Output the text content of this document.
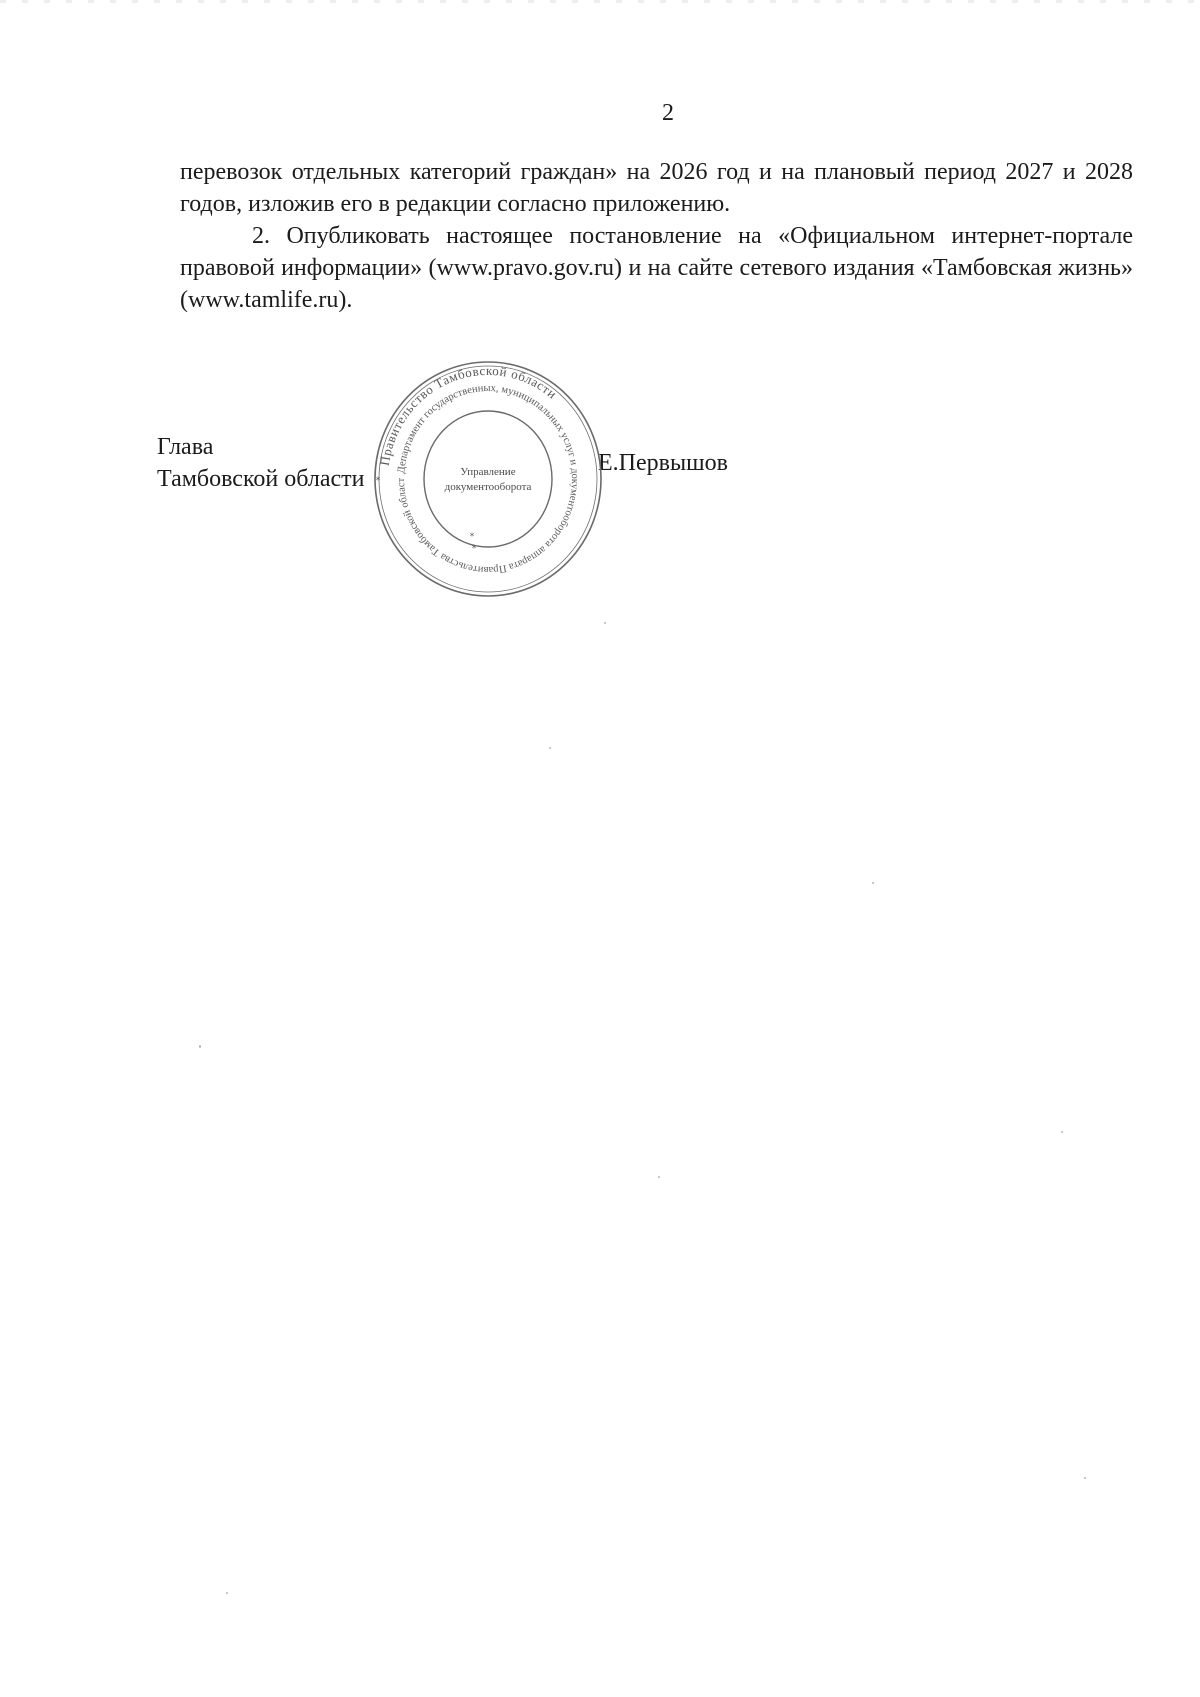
2

перевозок отдельных категорий граждан» на 2026 год и на плановый период 2027 и 2028 годов, изложив его в редакции согласно приложению.

2. Опубликовать настоящее постановление на «Официальном интернет-портале правовой информации» (www.pravo.gov.ru) и на сайте сетевого издания «Тамбовская жизнь» (www.tamlife.ru).

Глава
Тамбовской области
Е.Первышов
Правительство Тамбовской области
Департамент государственных, муниципальных услуг и документооборота аппарата Правительства Тамбовской област
Управление
документооборота
*
*
*
